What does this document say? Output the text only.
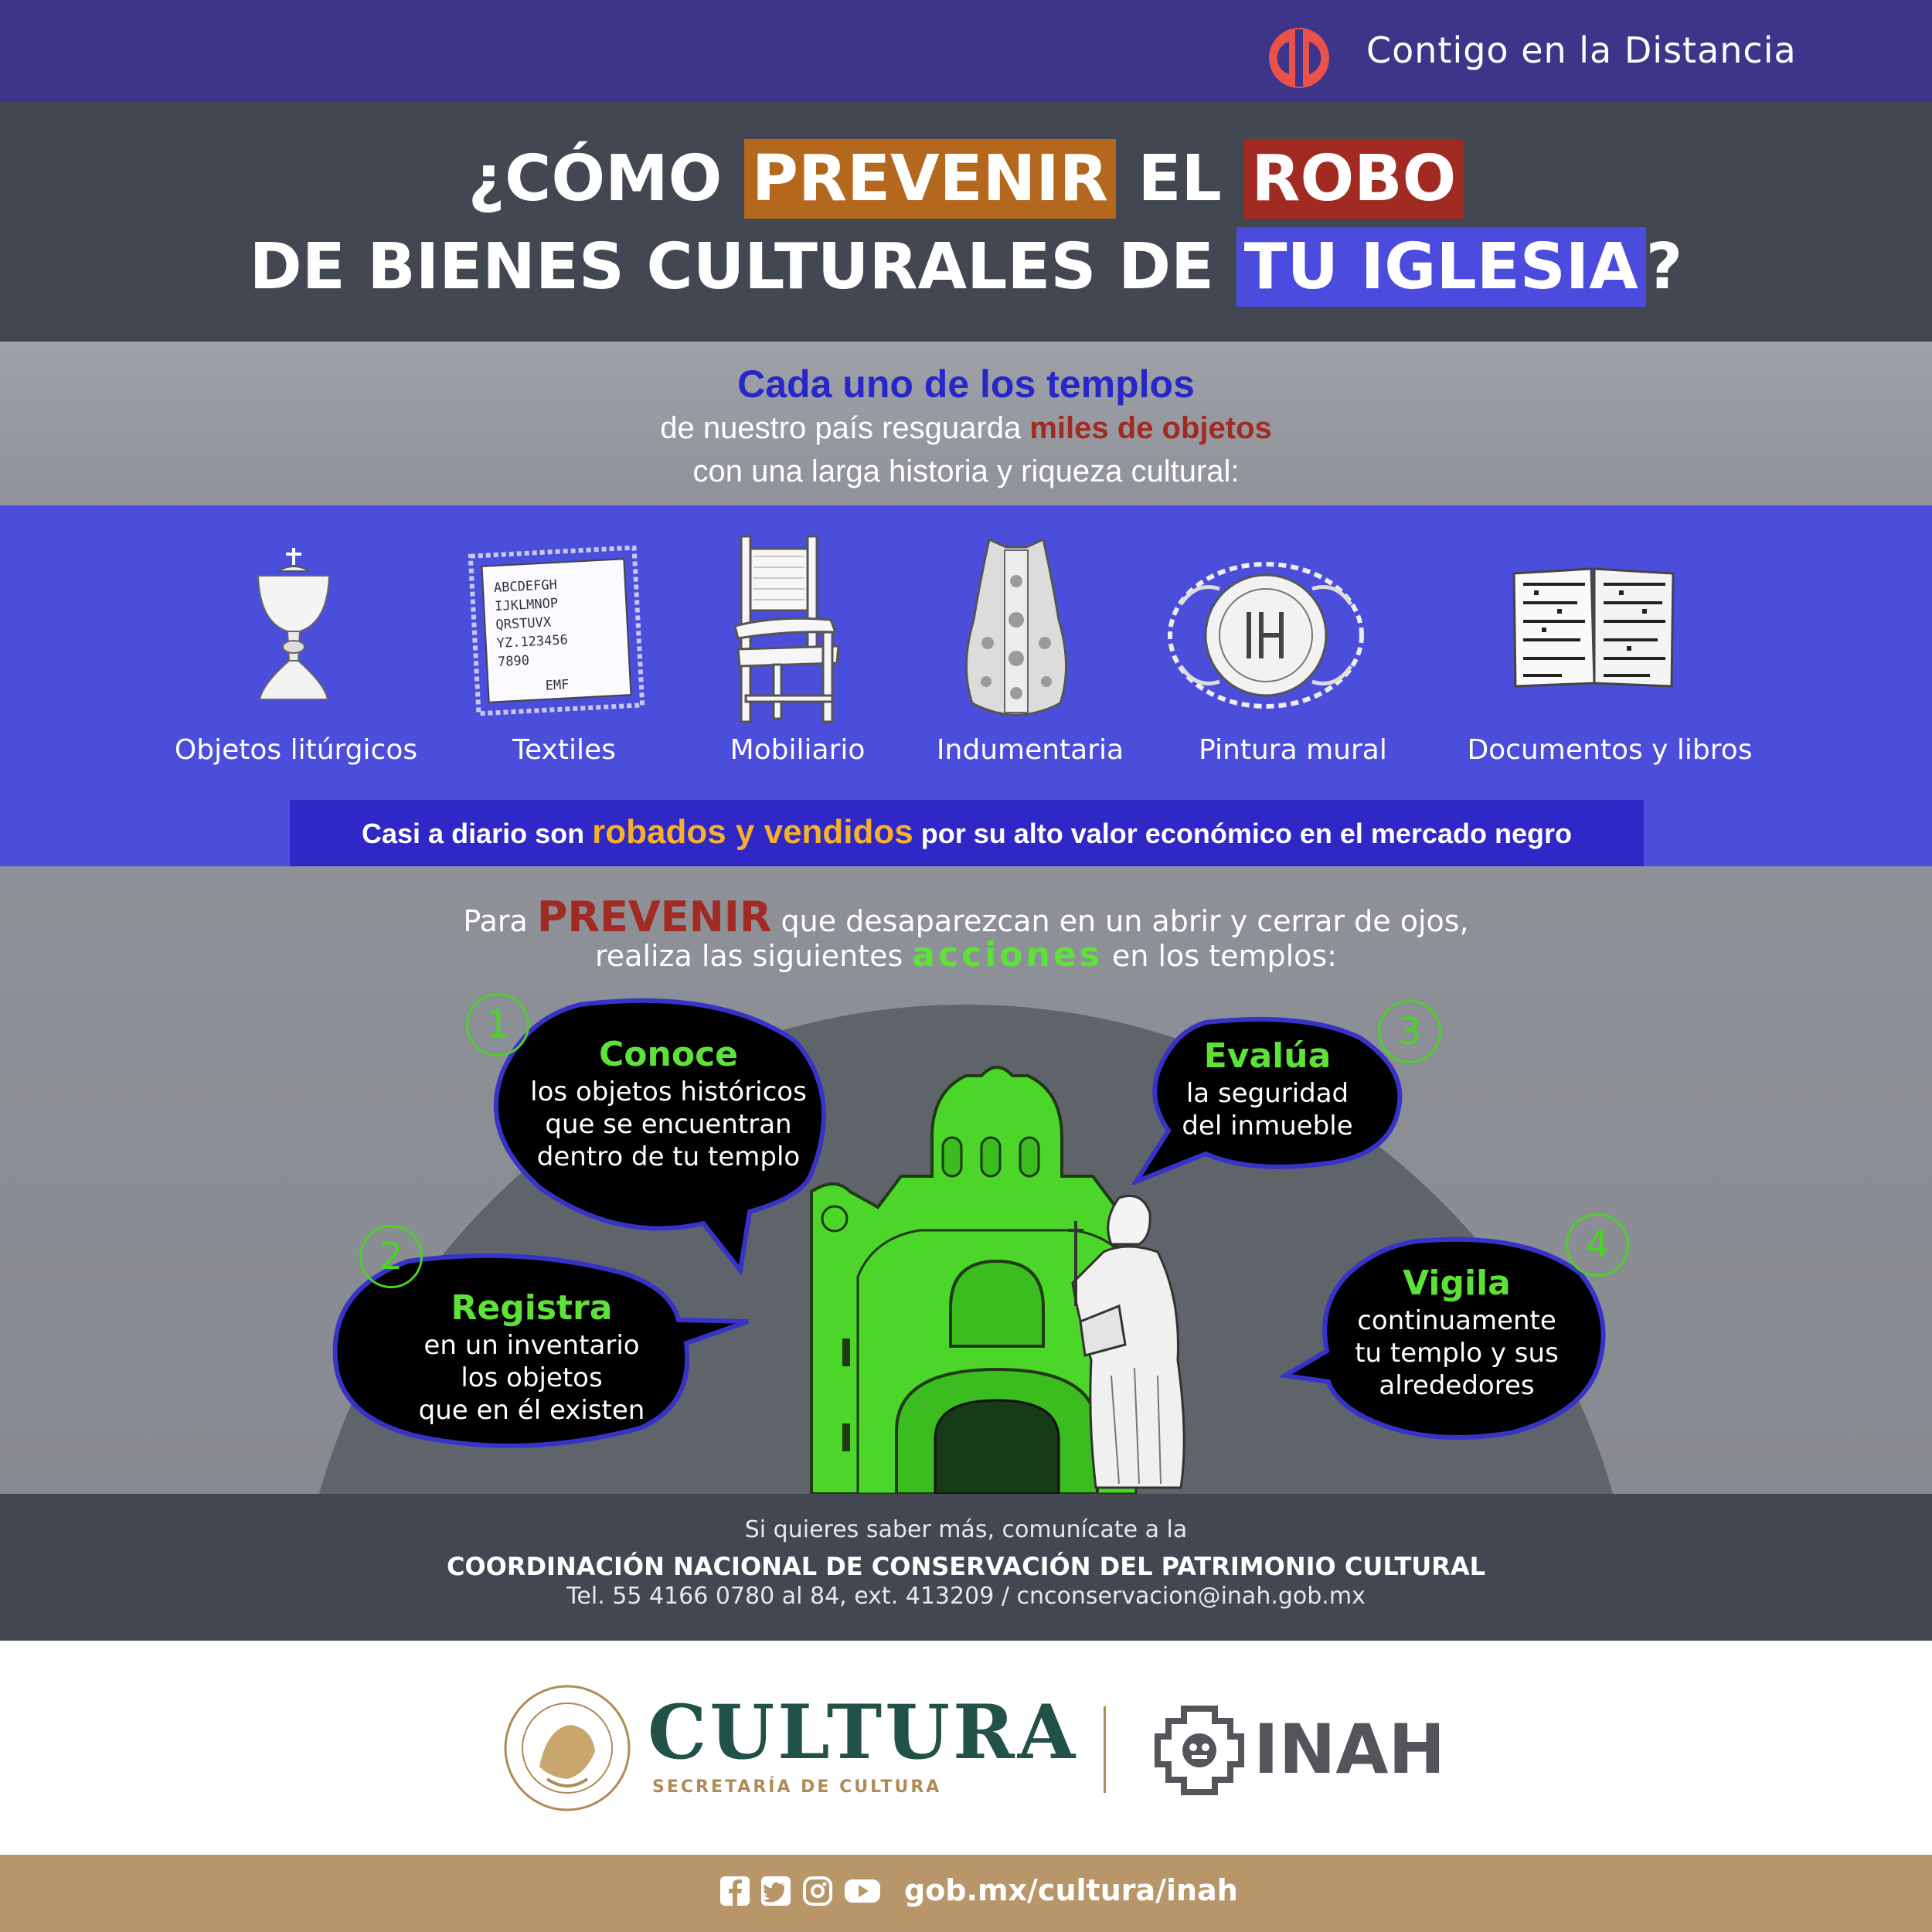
Contigo en la Distancia
¿CÓMO PREVENIR EL ROBO
DE BIENES CULTURALES DE TU IGLESIA ?
Cada uno de los templos
de nuestro país resguarda miles de objetos
con una larga historia y riqueza cultural:
ABCDEFGH
IJKLMNOP
QRSTUVX
YZ.123456
7890
EMF
Objetos litúrgicos	Textiles	Mobiliario	Indumentaria	Pintura mural	Documentos y libros
Casi a diario son robados y vendidos por su alto valor económico en el mercado negro
Para PREVENIR que desaparezcan en un abrir y cerrar de ojos,
realiza las siguientes acciones en los templos:
Conoce
los objetos históricos
que se encuentran
dentro de tu templo
1
Registra
en un inventario
los objetos
que en él existen
2
Evalúa
la seguridad
del inmueble
3
Vigila
continuamente
tu templo y sus
alrededores
4
Si quieres saber más, comunícate a la
COORDINACIÓN NACIONAL DE CONSERVACIÓN DEL PATRIMONIO CULTURAL
Tel. 55 4166 0780 al 84, ext. 413209 / cnconservacion@inah.gob.mx
CULTURA
SECRETARÍA DE CULTURA	INAH
gob.mx/cultura/inah
